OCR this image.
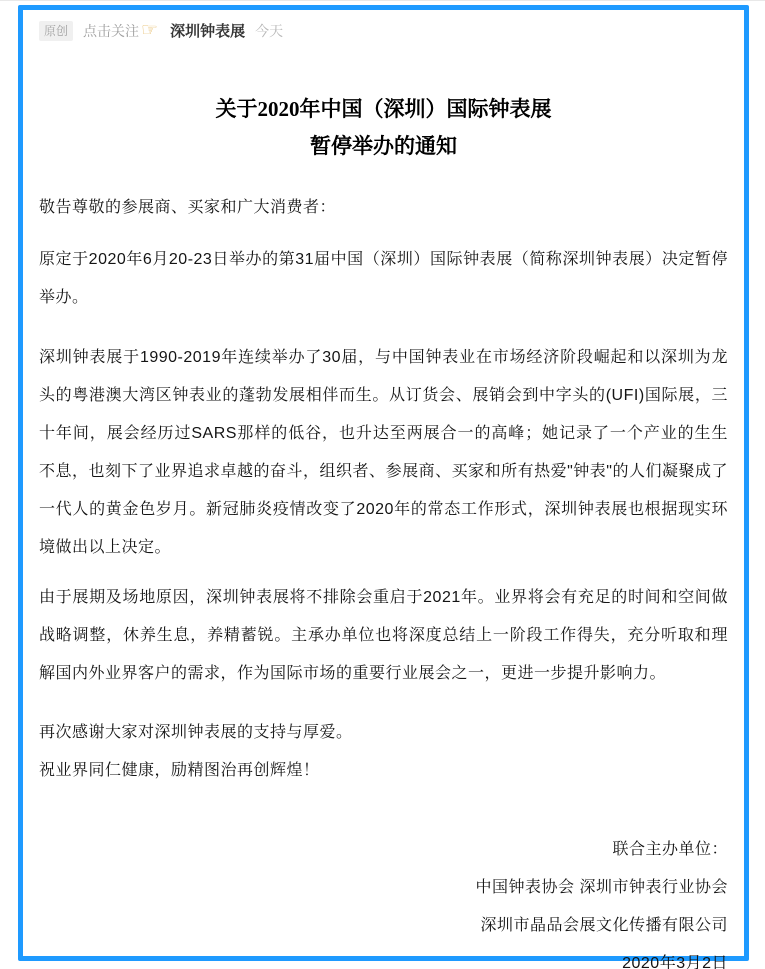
原创	点击关注 ☞ 深圳钟表展 今天
关于2020年中国（深圳）国际钟表展
暂停举办的通知

敬告尊敬的参展商、买家和广大消费者：

原定于2020年6月20-23日举办的第31届中国（深圳）国际钟表展（简称深圳钟表展）决定暂停举办。

深圳钟表展于1990-2019年连续举办了30届，与中国钟表业在市场经济阶段崛起和以深圳为龙头的粤港澳大湾区钟表业的蓬勃发展相伴而生。从订货会、展销会到中字头的(UFI)国际展，三十年间，展会经历过SARS那样的低谷，也升达至两展合一的高峰；她记录了一个产业的生生不息，也刻下了业界追求卓越的奋斗，组织者、参展商、买家和所有热爱"钟表"的人们凝聚成了一代人的黄金色岁月。新冠肺炎疫情改变了2020年的常态工作形式，深圳钟表展也根据现实环境做出以上决定。

由于展期及场地原因，深圳钟表展将不排除会重启于2021年。业界将会有充足的时间和空间做战略调整，休养生息，养精蓄锐。主承办单位也将深度总结上一阶段工作得失，充分听取和理解国内外业界客户的需求，作为国际市场的重要行业展会之一，更进一步提升影响力。

再次感谢大家对深圳钟表展的支持与厚爱。

祝业界同仁健康，励精图治再创辉煌！

联合主办单位：
中国钟表协会 深圳市钟表行业协会
深圳市晶品会展文化传播有限公司
2020年3月2日
